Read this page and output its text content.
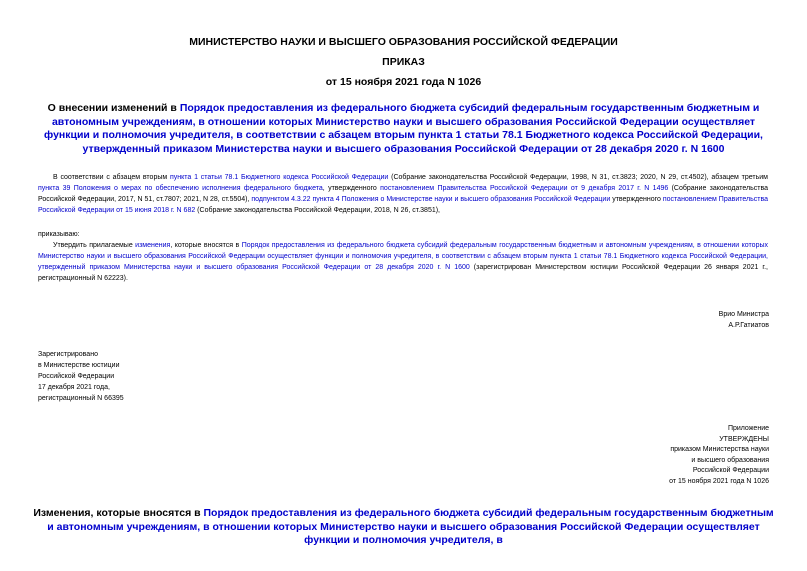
МИНИСТЕРСТВО НАУКИ И ВЫСШЕГО ОБРАЗОВАНИЯ РОССИЙСКОЙ ФЕДЕРАЦИИ
ПРИКАЗ
от 15 ноября 2021 года N 1026
О внесении изменений в Порядок предоставления из федерального бюджета субсидий федеральным государственным бюджетным и автономным учреждениям, в отношении которых Министерство науки и высшего образования Российской Федерации осуществляет функции и полномочия учредителя, в соответствии с абзацем вторым пункта 1 статьи 78.1 Бюджетного кодекса Российской Федерации, утвержденный приказом Министерства науки и высшего образования Российской Федерации от 28 декабря 2020 г. N 1600
В соответствии с абзацем вторым пункта 1 статьи 78.1 Бюджетного кодекса Российской Федерации (Собрание законодательства Российской Федерации, 1998, N 31, ст.3823; 2020, N 29, ст.4502), абзацем третьим пункта 39 Положения о мерах по обеспечению исполнения федерального бюджета, утвержденного постановлением Правительства Российской Федерации от 9 декабря 2017 г. N 1496 (Собрание законодательства Российской Федерации, 2017, N 51, ст.7807; 2021, N 28, ст.5504), подпунктом 4.3.22 пункта 4 Положения о Министерстве науки и высшего образования Российской Федерации утвержденного постановлением Правительства Российской Федерации от 15 июня 2018 г. N 682 (Собрание законодательства Российской Федерации, 2018, N 26, ст.3851),
приказываю:
Утвердить прилагаемые изменения, которые вносятся в Порядок предоставления из федерального бюджета субсидий федеральным государственным бюджетным и автономным учреждениям, в отношении которых Министерство науки и высшего образования Российской Федерации осуществляет функции и полномочия учредителя, в соответствии с абзацем вторым пункта 1 статьи 78.1 Бюджетного кодекса Российской Федерации, утвержденный приказом Министерства науки и высшего образования Российской Федерации от 28 декабря 2020 г. N 1600 (зарегистрирован Министерством юстиции Российской Федерации 26 января 2021 г., регистрационный N 62223).
Врио Министра
А.Р.Гатиатов
Зарегистрировано
в Министерстве юстиции
Российской Федерации
17 декабря 2021 года,
регистрационный N 66395
Приложение
УТВЕРЖДЕНЫ
приказом Министерства науки
и высшего образования
Российской Федерации
от 15 ноября 2021 года N 1026
Изменения, которые вносятся в Порядок предоставления из федерального бюджета субсидий федеральным государственным бюджетным и автономным учреждениям, в отношении которых Министерство науки и высшего образования Российской Федерации осуществляет функции и полномочия учредителя, в
